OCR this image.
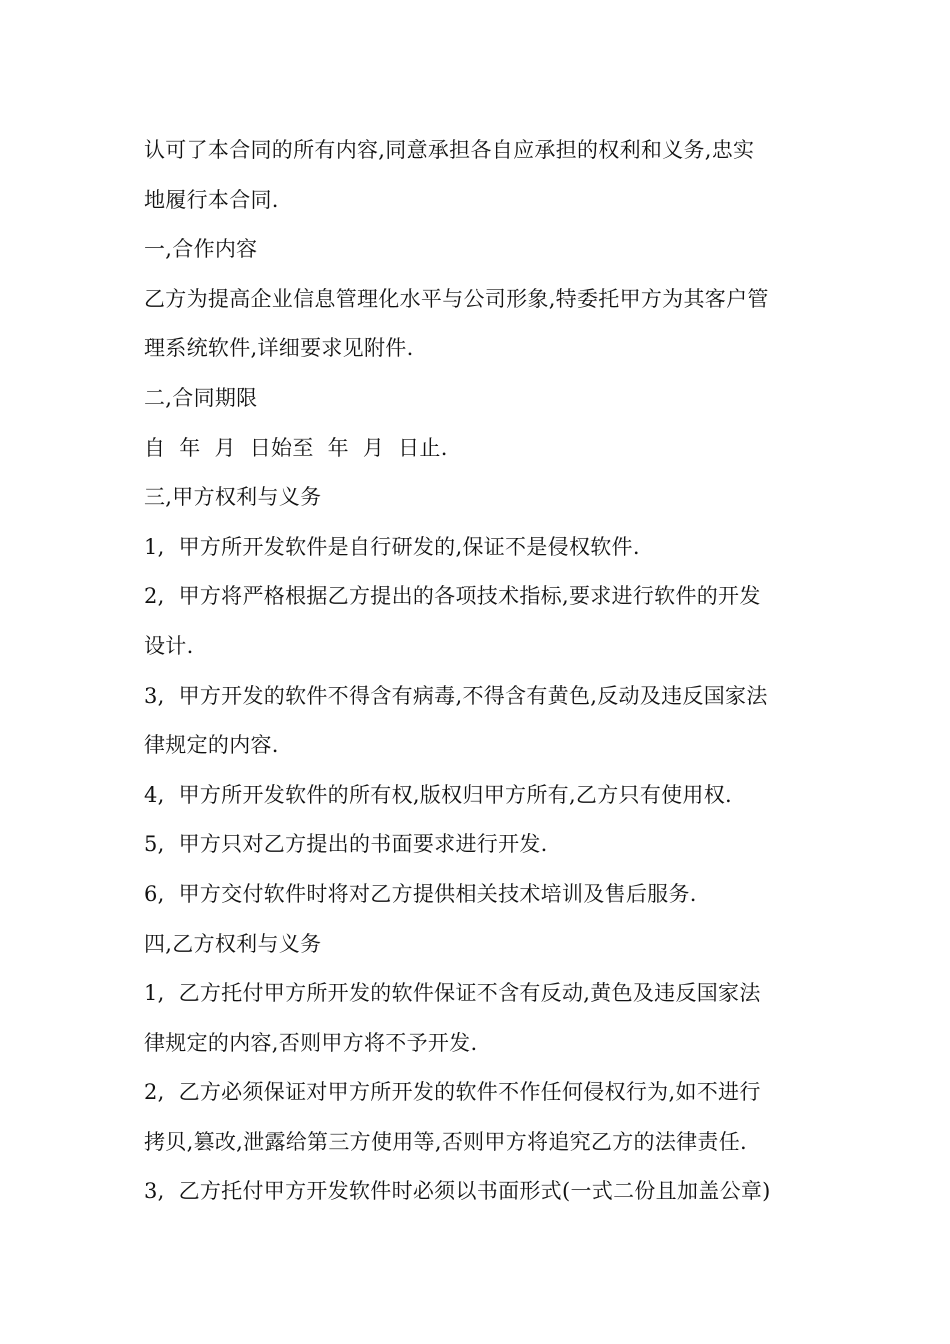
认可了本合同的所有内容,同意承担各自应承担的权利和义务,忠实
地履行本合同.
一,合作内容
乙方为提高企业信息管理化水平与公司形象,特委托甲方为其客户管
理系统软件,详细要求见附件.
二,合同期限
自  年  月  日始至  年  月  日止.
三,甲方权利与义务
1,  甲方所开发软件是自行研发的,保证不是侵权软件.
2,  甲方将严格根据乙方提出的各项技术指标,要求进行软件的开发
设计.
3,  甲方开发的软件不得含有病毒,不得含有黄色,反动及违反国家法
律规定的内容.
4,  甲方所开发软件的所有权,版权归甲方所有,乙方只有使用权.
5,  甲方只对乙方提出的书面要求进行开发.
6,  甲方交付软件时将对乙方提供相关技术培训及售后服务.
四,乙方权利与义务
1,  乙方托付甲方所开发的软件保证不含有反动,黄色及违反国家法
律规定的内容,否则甲方将不予开发.
2,  乙方必须保证对甲方所开发的软件不作任何侵权行为,如不进行
拷贝,篡改,泄露给第三方使用等,否则甲方将追究乙方的法律责任.
3,  乙方托付甲方开发软件时必须以书面形式(一式二份且加盖公章)
